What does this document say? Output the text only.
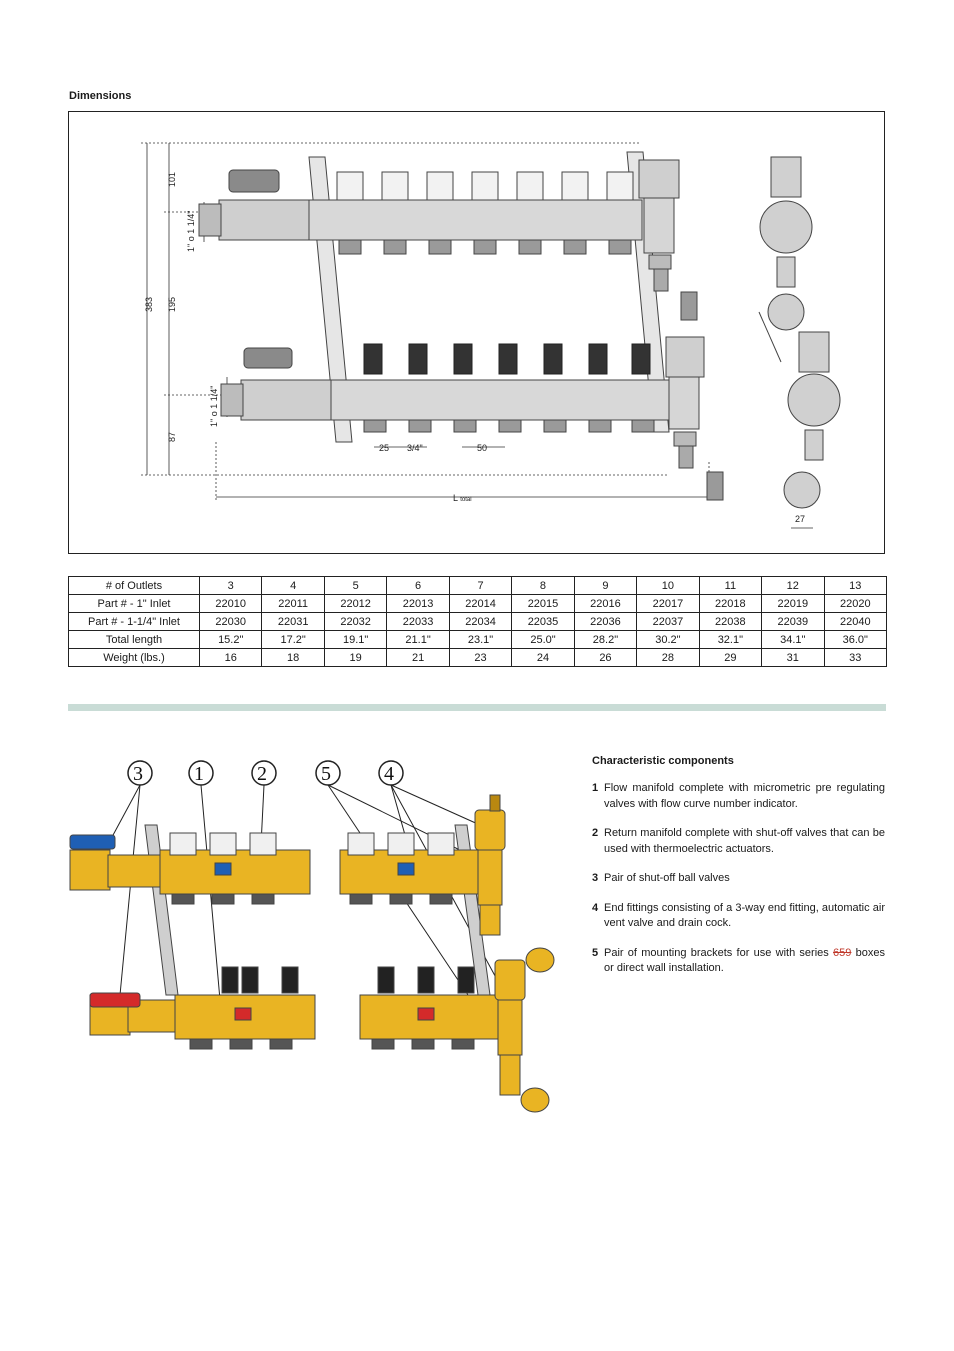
Dimensions
101
383 195
87
1" o 1 1/4"
1" o 1 1/4"
25 3/4"	50
L total
27
# of Outlets	3	4	5	6	7	8	9	10	11	12	13
Part # - 1" Inlet	22010	22011	22012	22013	22014	22015	22016	22017	22018	22019	22020
Part # - 1-1/4" Inlet	22030	22031	22032	22033	22034	22035	22036	22037	22038	22039	22040
Total length	15.2"	17.2"	19.1"	21.1"	23.1"	25.0"	28.2"	30.2"	32.1"	34.1"	36.0"
Weight (lbs.)	16	18	19	21	23	24	26	28	29	31	33
3	1	2	5	4
Characteristic components
1 Flow manifold complete with micrometric pre regulating valves with flow curve number indicator.
2 Return manifold complete with shut-off valves that can be used with thermoelectric actuators.
3 Pair of shut-off ball valves
4 End fittings consisting of a 3-way end fitting, automatic air vent valve and drain cock.
5 Pair of mounting brackets for use with series 659 boxes or direct wall installation.
